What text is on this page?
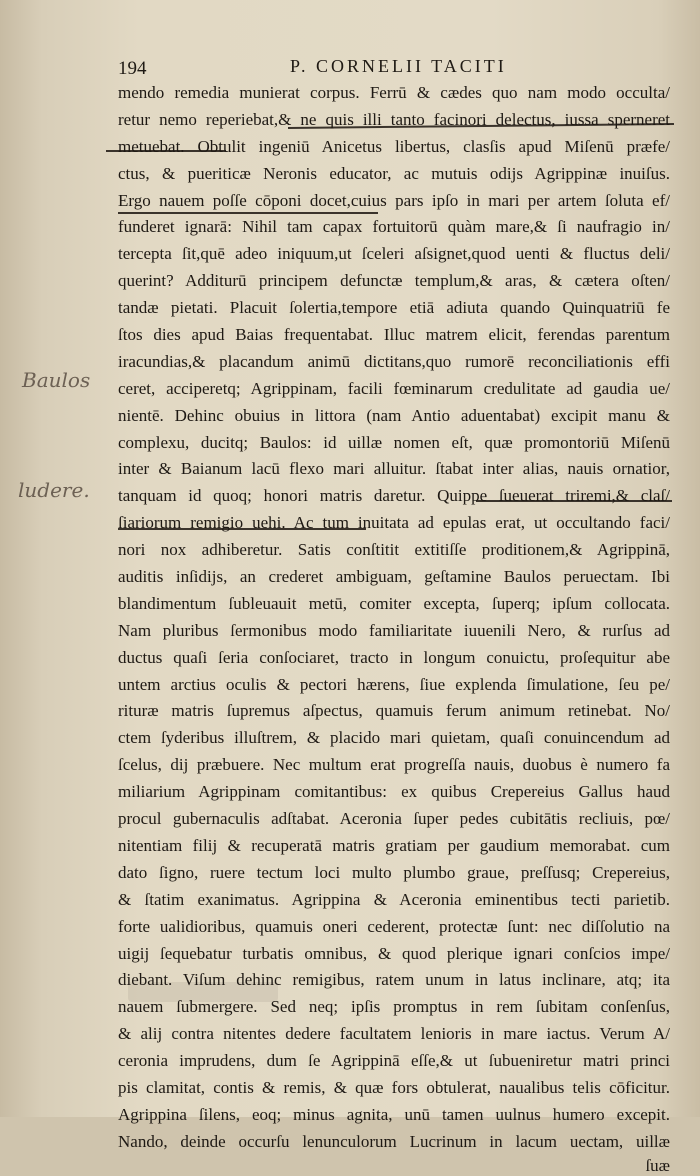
194	P. CORNELII TACITI
Baulos
ludere.
mendo remedia munierat corpus. Ferrū & cædes quo nam modo occulta/
retur nemo reperiebat,& ne quis illi tanto facinori delectus, iussa sperneret
metuebat. Obtulit ingeniū Anicetus libertus, clasſis apud Miſenū præfe/
ctus, & pueriticæ Neronis educator, ac mutuis odijs Agrippinæ inuiſus.
Ergo nauem poſſe cōponi docet,cuius pars ipſo in mari per artem ſoluta ef/
funderet ignarā: Nihil tam capax fortuitorū quàm mare,& ſi naufragio in/
tercepta ſit,quē adeo iniquum,ut ſceleri aſsignet,quod uenti & fluctus deli/
querint? Additurū principem defunctæ templum,& aras, & cætera oſten/
tandæ pietati. Placuit ſolertia,tempore etiā adiuta quando Quinquatriū fe
ſtos dies apud Baias frequentabat. Illuc matrem elicit, ferendas parentum
iracundias,& placandum animū dictitans,quo rumorē reconciliationis effi
ceret, acciperetq; Agrippinam, facili fœminarum credulitate ad gaudia ue/
nientē. Dehinc obuius in littora (nam Antio aduentabat) excipit manu &
complexu, ducitq; Baulos: id uillæ nomen eſt, quæ promontoriū Miſenū
inter & Baianum lacū flexo mari alluitur. ſtabat inter alias, nauis ornatior,
tanquam id quoq; honori matris daretur. Quippe ſueuerat triremi,& claſ/
ſiariorum remigio uehi. Ac tum inuitata ad epulas erat, ut occultando faci/
nori nox adhiberetur. Satis conſtitit extitiſſe proditionem,& Agrippinā,
auditis inſidijs, an crederet ambiguam, geſtamine Baulos peruectam. Ibi
blandimentum ſubleuauit metū, comiter excepta, ſuperq; ipſum collocata.
Nam pluribus ſermonibus modo familiaritate iuuenili Nero, & rurſus ad
ductus quaſi ſeria conſociaret, tracto in longum conuictu, proſequitur abe
untem arctius oculis & pectori hærens, ſiue explenda ſimulatione, ſeu pe/
rituræ matris ſupremus aſpectus, quamuis ferum animum retinebat. No/
ctem ſyderibus illuſtrem, & placido mari quietam, quaſi conuincendum ad
ſcelus, dij præbuere. Nec multum erat progreſſa nauis, duobus è numero fa
miliarium Agrippinam comitantibus: ex quibus Crepereius Gallus haud
procul gubernaculis adſtabat. Aceronia ſuper pedes cubitātis recliuis, pœ/
nitentiam filij & recuperatā matris gratiam per gaudium memorabat. cum
dato ſigno, ruere tectum loci multo plumbo graue, preſſusq; Crepereius,
& ſtatim exanimatus. Agrippina & Aceronia eminentibus tecti parietib.
forte ualidioribus, quamuis oneri cederent, protectæ ſunt: nec diſſolutio na
uigij ſequebatur turbatis omnibus, & quod plerique ignari conſcios impe/
diebant. Viſum dehinc remigibus, ratem unum in latus inclinare, atq; ita
nauem ſubmergere. Sed neq; ipſis promptus in rem ſubitam conſenſus,
& alij contra nitentes dedere facultatem lenioris in mare iactus. Verum A/
ceronia imprudens, dum ſe Agrippinā eſſe,& ut ſubueniretur matri princi
pis clamitat, contis & remis, & quæ fors obtulerat, naualibus telis cōficitur.
Agrippina ſilens, eoq; minus agnita, unū tamen uulnus humero excepit.
Nando, deinde occurſu lenunculorum Lucrinum in lacum uectam, uillæ
ſuæ
